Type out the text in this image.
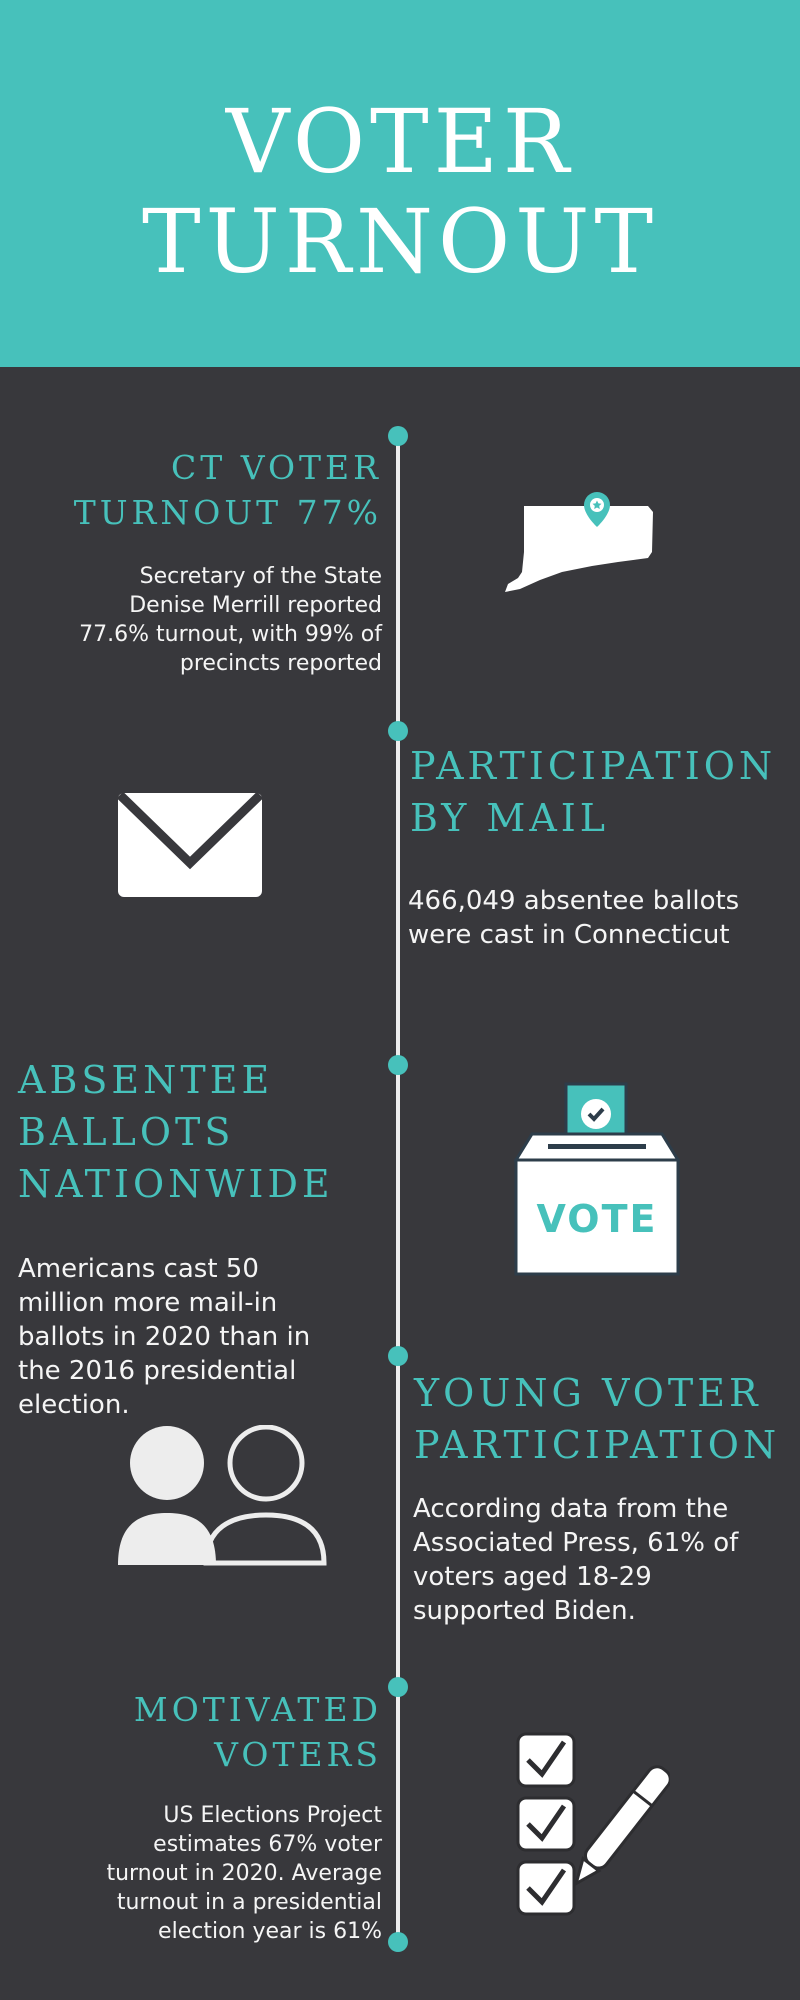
VOTER
TURNOUT
CT VOTER
TURNOUT 77%
Secretary of the State
Denise Merrill reported
77.6% turnout, with 99% of
precincts reported
PARTICIPATION
BY MAIL
466,049 absentee ballots
were cast in Connecticut
ABSENTEE
BALLOTS
NATIONWIDE
Americans cast 50
million more mail-in
ballots in 2020 than in
the 2016 presidential
election.
VOTE
YOUNG VOTER
PARTICIPATION
According data from the
Associated Press, 61% of
voters aged 18-29
supported Biden.
MOTIVATED
VOTERS
US Elections Project
estimates 67% voter
turnout in 2020. Average
turnout in a presidential
election year is 61%
